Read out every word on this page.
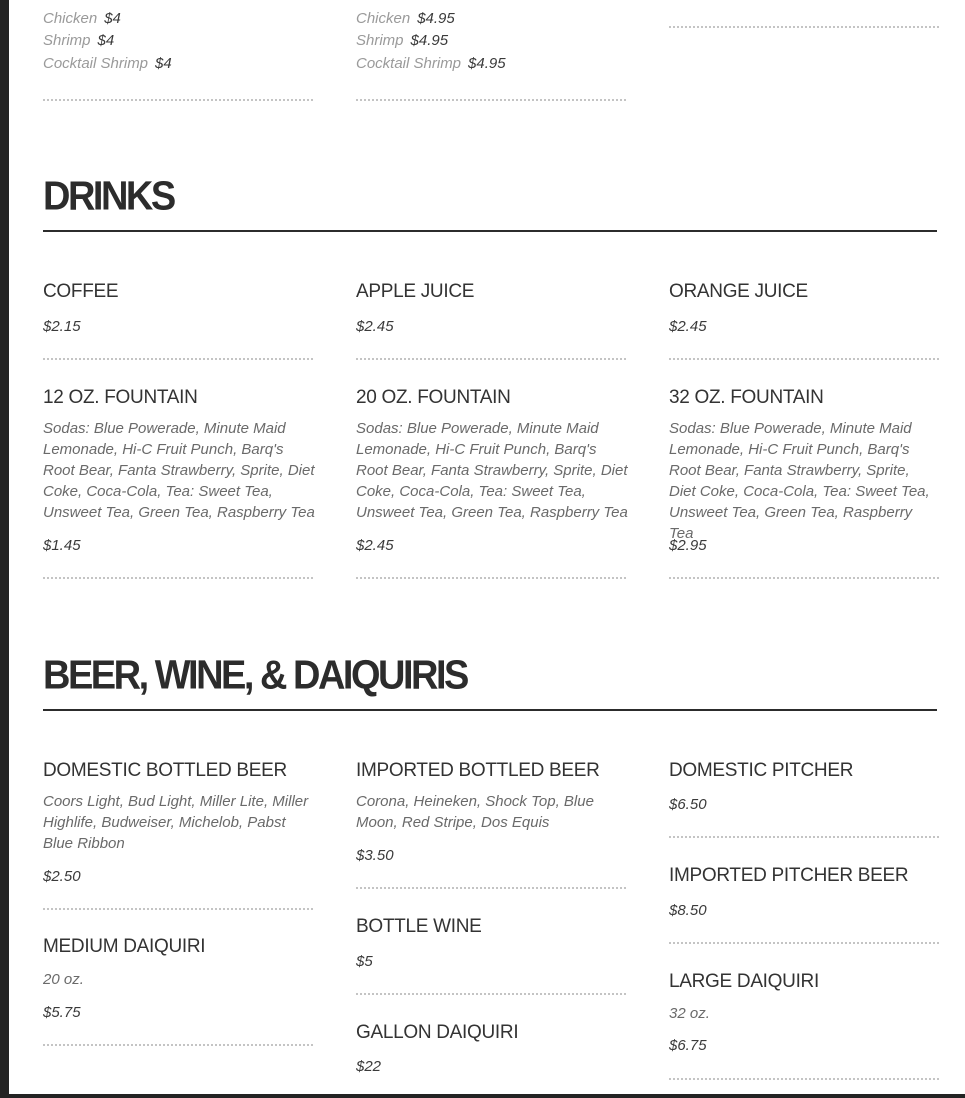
Chicken $4
Shrimp $4
Cocktail Shrimp $4
Chicken $4.95
Shrimp $4.95
Cocktail Shrimp $4.95
DRINKS
COFFEE
$2.15
APPLE JUICE
$2.45
ORANGE JUICE
$2.45
12 OZ. FOUNTAIN
Sodas: Blue Powerade, Minute Maid Lemonade, Hi-C Fruit Punch, Barq's Root Bear, Fanta Strawberry, Sprite, Diet Coke, Coca-Cola, Tea: Sweet Tea, Unsweet Tea, Green Tea, Raspberry Tea
$1.45
20 OZ. FOUNTAIN
Sodas: Blue Powerade, Minute Maid Lemonade, Hi-C Fruit Punch, Barq's Root Bear, Fanta Strawberry, Sprite, Diet Coke, Coca-Cola, Tea: Sweet Tea, Unsweet Tea, Green Tea, Raspberry Tea
$2.45
32 OZ. FOUNTAIN
Sodas: Blue Powerade, Minute Maid Lemonade, Hi-C Fruit Punch, Barq's Root Bear, Fanta Strawberry, Sprite, Diet Coke, Coca-Cola, Tea: Sweet Tea, Unsweet Tea, Green Tea, Raspberry Tea
$2.95
BEER, WINE, & DAIQUIRIS
DOMESTIC BOTTLED BEER
Coors Light, Bud Light, Miller Lite, Miller Highlife, Budweiser, Michelob, Pabst Blue Ribbon
$2.50
MEDIUM DAIQUIRI
20 oz.
$5.75
IMPORTED BOTTLED BEER
Corona, Heineken, Shock Top, Blue Moon, Red Stripe, Dos Equis
$3.50
BOTTLE WINE
$5
GALLON DAIQUIRI
$22
DOMESTIC PITCHER
$6.50
IMPORTED PITCHER BEER
$8.50
LARGE DAIQUIRI
32 oz.
$6.75
